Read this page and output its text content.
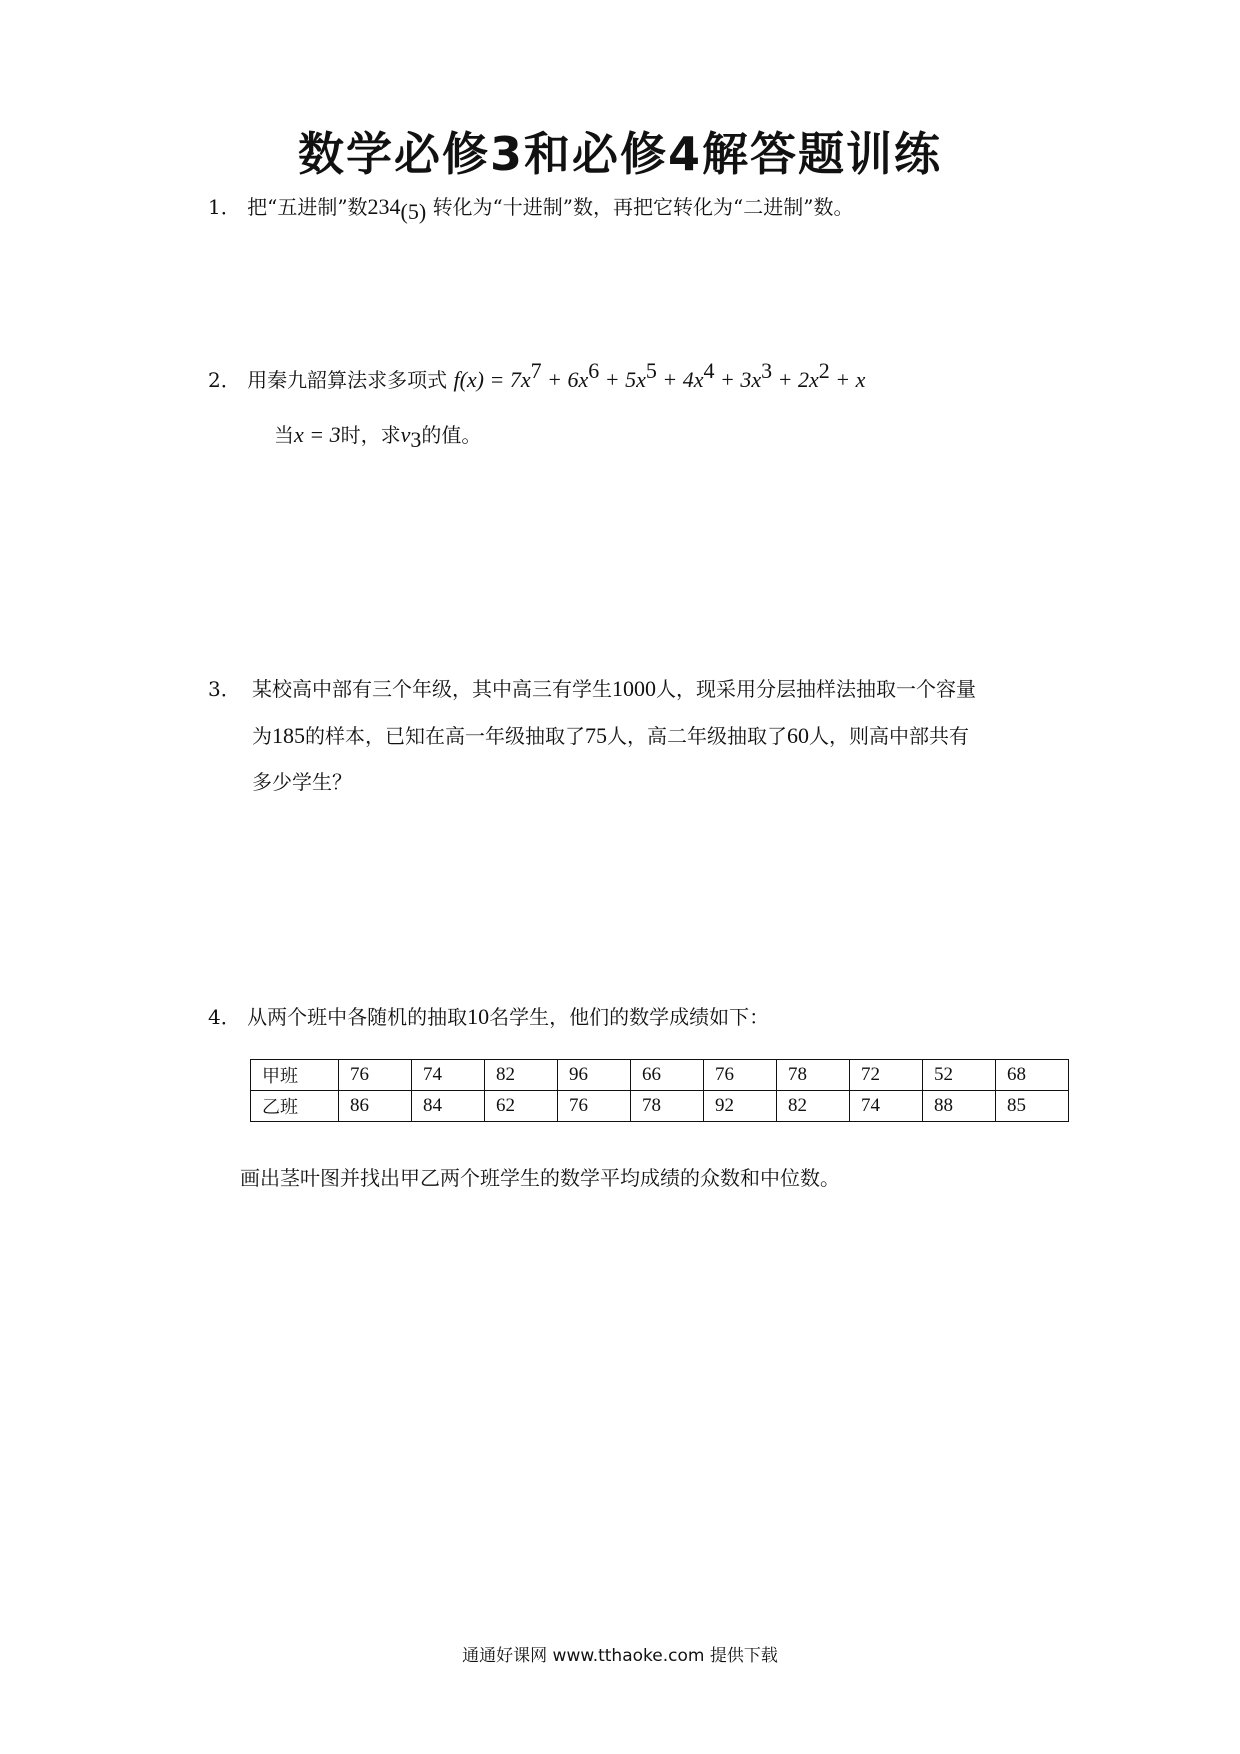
数学必修3和必修4解答题训练
1． 把“五进制”数$234_{(5)}$ 转化为“十进制”数，再把它转化为“二进制”数。
2． 用秦九韶算法求多项式 $f(x) = 7x^7 + 6x^6 + 5x^5 + 4x^4 + 3x^3 + 2x^2 + x$
当x = 3时，求$v_3$的值。
3． 某校高中部有三个年级，其中高三有学生1000人，现采用分层抽样法抽取一个容量
为185的样本，已知在高一年级抽取了75人，高二年级抽取了60人，则高中部共有
多少学生？
4． 从两个班中各随机的抽取10名学生，他们的数学成绩如下：
甲班	76	74	82	96	66	76	78	72	52	68
乙班	86	84	62	76	78	92	82	74	88	85
画出茎叶图并找出甲乙两个班学生的数学平均成绩的众数和中位数。
通通好课网 www.tthaoke.com 提供下载
